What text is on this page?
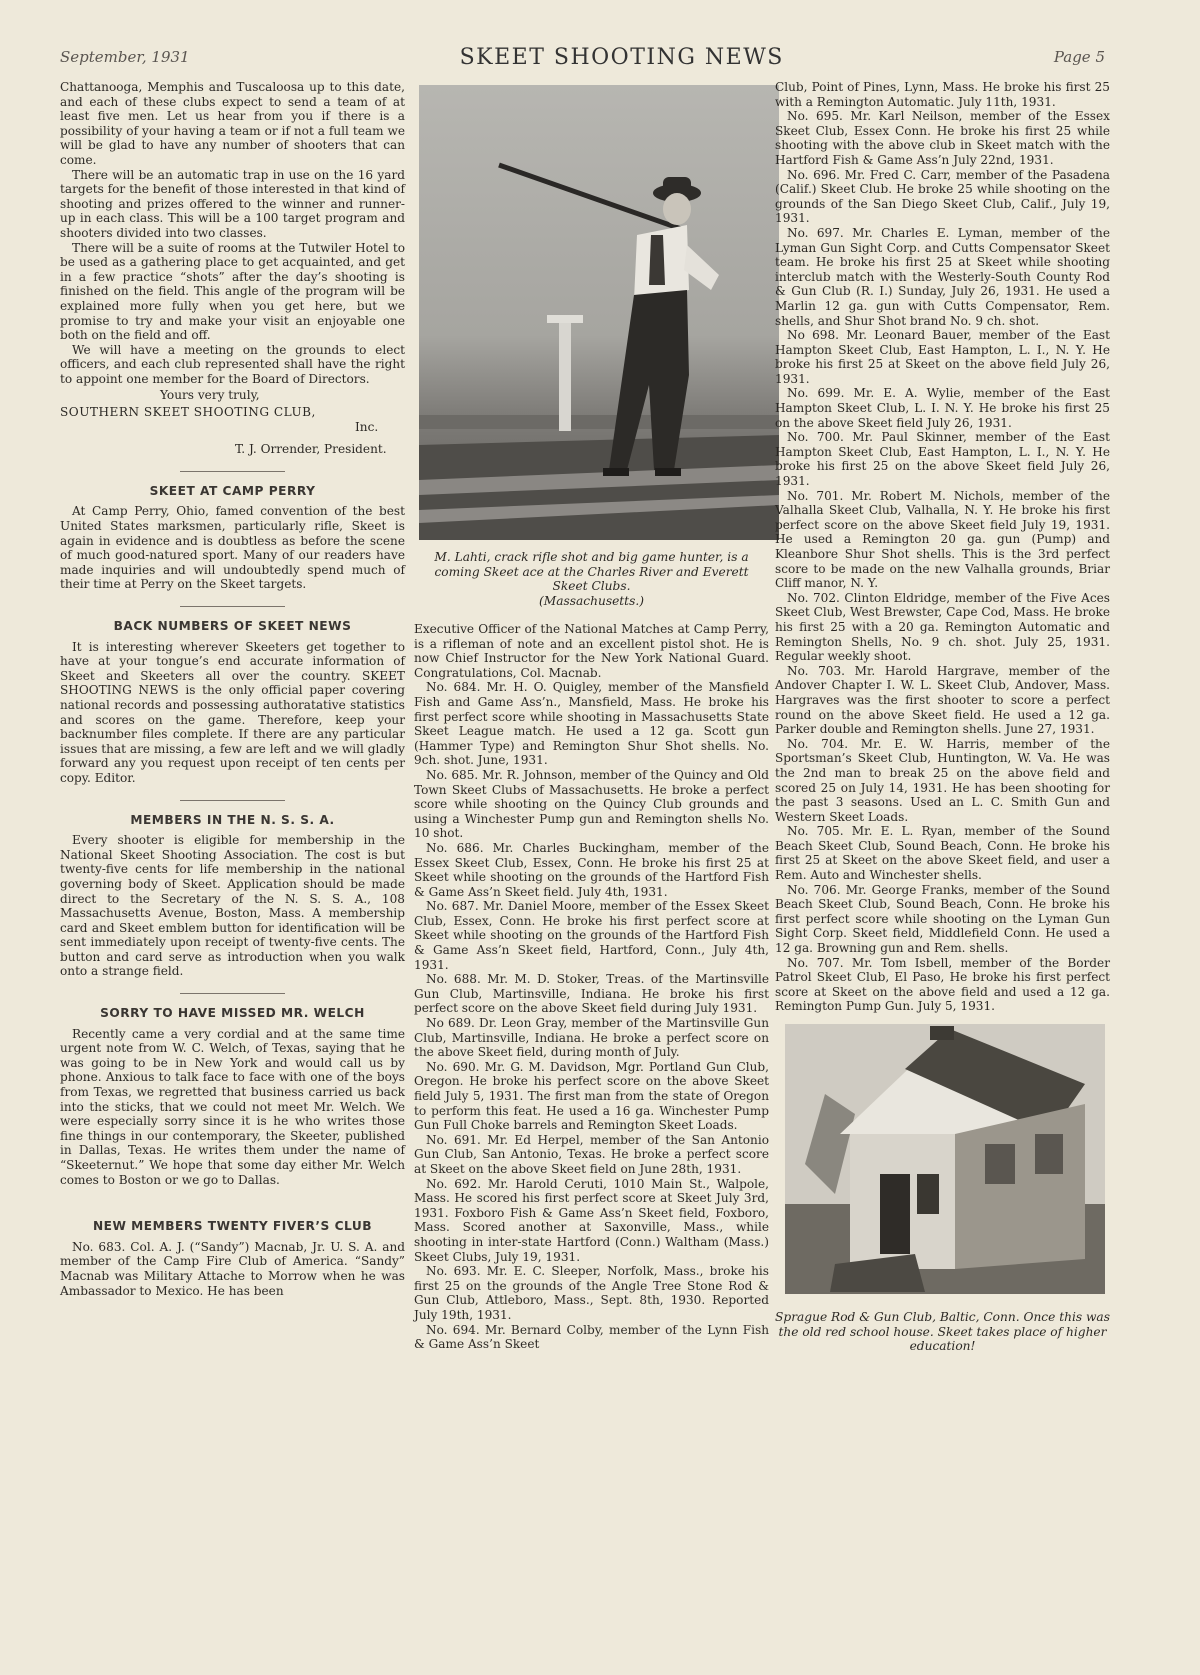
September, 1931	SKEET SHOOTING NEWS	Page 5

Chattanooga, Memphis and Tuscaloosa up to this date, and each of these clubs expect to send a team of at least five men. Let us hear from you if there is a possibility of your having a team or if not a full team we will be glad to have any number of shooters that can come.

There will be an automatic trap in use on the 16 yard targets for the benefit of those interested in that kind of shooting and prizes offered to the winner and runner-up in each class. This will be a 100 target program and shooters divided into two classes.

There will be a suite of rooms at the Tutwiler Hotel to be used as a gathering place to get acquainted, and get in a few practice “shots” after the day’s shooting is finished on the field. This angle of the program will be explained more fully when you get here, but we promise to try and make your visit an enjoyable one both on the field and off.

We will have a meeting on the grounds to elect officers, and each club represented shall have the right to appoint one member for the Board of Directors.

Yours very truly,
SOUTHERN SKEET SHOOTING CLUB,
Inc.
T. J. Orrender, President.
SKEET AT CAMP PERRY

At Camp Perry, Ohio, famed convention of the best United States marksmen, particularly rifle, Skeet is again in evidence and is doubtless as before the scene of much good-natured sport. Many of our readers have made inquiries and will undoubtedly spend much of their time at Perry on the Skeet targets.

BACK NUMBERS OF SKEET NEWS

It is interesting wherever Skeeters get together to have at your tongue’s end accurate information of Skeet and Skeeters all over the country. SKEET SHOOTING NEWS is the only official paper covering national records and possessing authoratative statistics and scores on the game. Therefore, keep your backnumber files complete. If there are any particular issues that are missing, a few are left and we will gladly forward any you request upon receipt of ten cents per copy. Editor.

MEMBERS IN THE N. S. S. A.

Every shooter is eligible for membership in the National Skeet Shooting Association. The cost is but twenty-five cents for life membership in the national governing body of Skeet. Application should be made direct to the Secretary of the N. S. S. A., 108 Massachusetts Avenue, Boston, Mass. A membership card and Skeet emblem button for identification will be sent immediately upon receipt of twenty-five cents. The button and card serve as introduction when you walk onto a strange field.

SORRY TO HAVE MISSED MR. WELCH

Recently came a very cordial and at the same time urgent note from W. C. Welch, of Texas, saying that he was going to be in New York and would call us by phone. Anxious to talk face to face with one of the boys from Texas, we regretted that business carried us back into the sticks, that we could not meet Mr. Welch. We were especially sorry since it is he who writes those fine things in our contemporary, the Skeeter, published in Dallas, Texas. He writes them under the name of “Skeeternut.” We hope that some day either Mr. Welch comes to Boston or we go to Dallas.

NEW MEMBERS TWENTY FIVER’S CLUB

No. 683. Col. A. J. (“Sandy”) Macnab, Jr. U. S. A. and member of the Camp Fire Club of America. “Sandy” Macnab was Military Attache to Morrow when he was Ambassador to Mexico. He has been

M. Lahti, crack rifle shot and big game hunter, is a coming Skeet ace at the Charles River and Everett Skeet Clubs.
(Massachusetts.)

Executive Officer of the National Matches at Camp Perry, is a rifleman of note and an excellent pistol shot. He is now Chief Instructor for the New York National Guard. Congratulations, Col. Macnab.

No. 684. Mr. H. O. Quigley, member of the Mansfield Fish and Game Ass’n., Mansfield, Mass. He broke his first perfect score while shooting in Massachusetts State Skeet League match. He used a 12 ga. Scott gun (Hammer Type) and Remington Shur Shot shells. No. 9ch. shot. June, 1931.

No. 685. Mr. R. Johnson, member of the Quincy and Old Town Skeet Clubs of Massachusetts. He broke a perfect score while shooting on the Quincy Club grounds and using a Winchester Pump gun and Remington shells No. 10 shot.

No. 686. Mr. Charles Buckingham, member of the Essex Skeet Club, Essex, Conn. He broke his first 25 at Skeet while shooting on the grounds of the Hartford Fish & Game Ass’n Skeet field. July 4th, 1931.

No. 687. Mr. Daniel Moore, member of the Essex Skeet Club, Essex, Conn. He broke his first perfect score at Skeet while shooting on the grounds of the Hartford Fish & Game Ass’n Skeet field, Hartford, Conn., July 4th, 1931.

No. 688. Mr. M. D. Stoker, Treas. of the Martinsville Gun Club, Martinsville, Indiana. He broke his first perfect score on the above Skeet field during July 1931.

No 689. Dr. Leon Gray, member of the Martinsville Gun Club, Martinsville, Indiana. He broke a perfect score on the above Skeet field, during month of July.

No. 690. Mr. G. M. Davidson, Mgr. Portland Gun Club, Oregon. He broke his perfect score on the above Skeet field July 5, 1931. The first man from the state of Oregon to perform this feat. He used a 16 ga. Winchester Pump Gun Full Choke barrels and Remington Skeet Loads.

No. 691. Mr. Ed Herpel, member of the San Antonio Gun Club, San Antonio, Texas. He broke a perfect score at Skeet on the above Skeet field on June 28th, 1931.

No. 692. Mr. Harold Ceruti, 1010 Main St., Walpole, Mass. He scored his first perfect score at Skeet July 3rd, 1931. Foxboro Fish & Game Ass’n Skeet field, Foxboro, Mass. Scored another at Saxonville, Mass., while shooting in inter-state Hartford (Conn.) Waltham (Mass.) Skeet Clubs, July 19, 1931.

No. 693. Mr. E. C. Sleeper, Norfolk, Mass., broke his first 25 on the grounds of the Angle Tree Stone Rod & Gun Club, Attleboro, Mass., Sept. 8th, 1930. Reported July 19th, 1931.

No. 694. Mr. Bernard Colby, member of the Lynn Fish & Game Ass’n Skeet

Club, Point of Pines, Lynn, Mass. He broke his first 25 with a Remington Automatic. July 11th, 1931.

No. 695. Mr. Karl Neilson, member of the Essex Skeet Club, Essex Conn. He broke his first 25 while shooting with the above club in Skeet match with the Hartford Fish & Game Ass’n July 22nd, 1931.

No. 696. Mr. Fred C. Carr, member of the Pasadena (Calif.) Skeet Club. He broke 25 while shooting on the grounds of the San Diego Skeet Club, Calif., July 19, 1931.

No. 697. Mr. Charles E. Lyman, member of the Lyman Gun Sight Corp. and Cutts Compensator Skeet team. He broke his first 25 at Skeet while shooting interclub match with the Westerly-South County Rod & Gun Club (R. I.) Sunday, July 26, 1931. He used a Marlin 12 ga. gun with Cutts Compensator, Rem. shells, and Shur Shot brand No. 9 ch. shot.

No 698. Mr. Leonard Bauer, member of the East Hampton Skeet Club, East Hampton, L. I., N. Y. He broke his first 25 at Skeet on the above field July 26, 1931.

No. 699. Mr. E. A. Wylie, member of the East Hampton Skeet Club, L. I. N. Y. He broke his first 25 on the above Skeet field July 26, 1931.

No. 700. Mr. Paul Skinner, member of the East Hampton Skeet Club, East Hampton, L. I., N. Y. He broke his first 25 on the above Skeet field July 26, 1931.

No. 701. Mr. Robert M. Nichols, member of the Valhalla Skeet Club, Valhalla, N. Y. He broke his first perfect score on the above Skeet field July 19, 1931. He used a Remington 20 ga. gun (Pump) and Kleanbore Shur Shot shells. This is the 3rd perfect score to be made on the new Valhalla grounds, Briar Cliff manor, N. Y.

No. 702. Clinton Eldridge, member of the Five Aces Skeet Club, West Brewster, Cape Cod, Mass. He broke his first 25 with a 20 ga. Remington Automatic and Remington Shells, No. 9 ch. shot. July 25, 1931. Regular weekly shoot.

No. 703. Mr. Harold Hargrave, member of the Andover Chapter I. W. L. Skeet Club, Andover, Mass. Hargraves was the first shooter to score a perfect round on the above Skeet field. He used a 12 ga. Parker double and Remington shells. June 27, 1931.

No. 704. Mr. E. W. Harris, member of the Sportsman’s Skeet Club, Huntington, W. Va. He was the 2nd man to break 25 on the above field and scored 25 on July 14, 1931. He has been shooting for the past 3 seasons. Used an L. C. Smith Gun and Western Skeet Loads.

No. 705. Mr. E. L. Ryan, member of the Sound Beach Skeet Club, Sound Beach, Conn. He broke his first 25 at Skeet on the above Skeet field, and user a Rem. Auto and Winchester shells.

No. 706. Mr. George Franks, member of the Sound Beach Skeet Club, Sound Beach, Conn. He broke his first perfect score while shooting on the Lyman Gun Sight Corp. Skeet field, Middlefield Conn. He used a 12 ga. Browning gun and Rem. shells.

No. 707. Mr. Tom Isbell, member of the Border Patrol Skeet Club, El Paso, He broke his first perfect score at Skeet on the above field and used a 12 ga. Remington Pump Gun. July 5, 1931.

Sprague Rod & Gun Club, Baltic, Conn. Once this was the old red school house. Skeet takes place of higher education!
